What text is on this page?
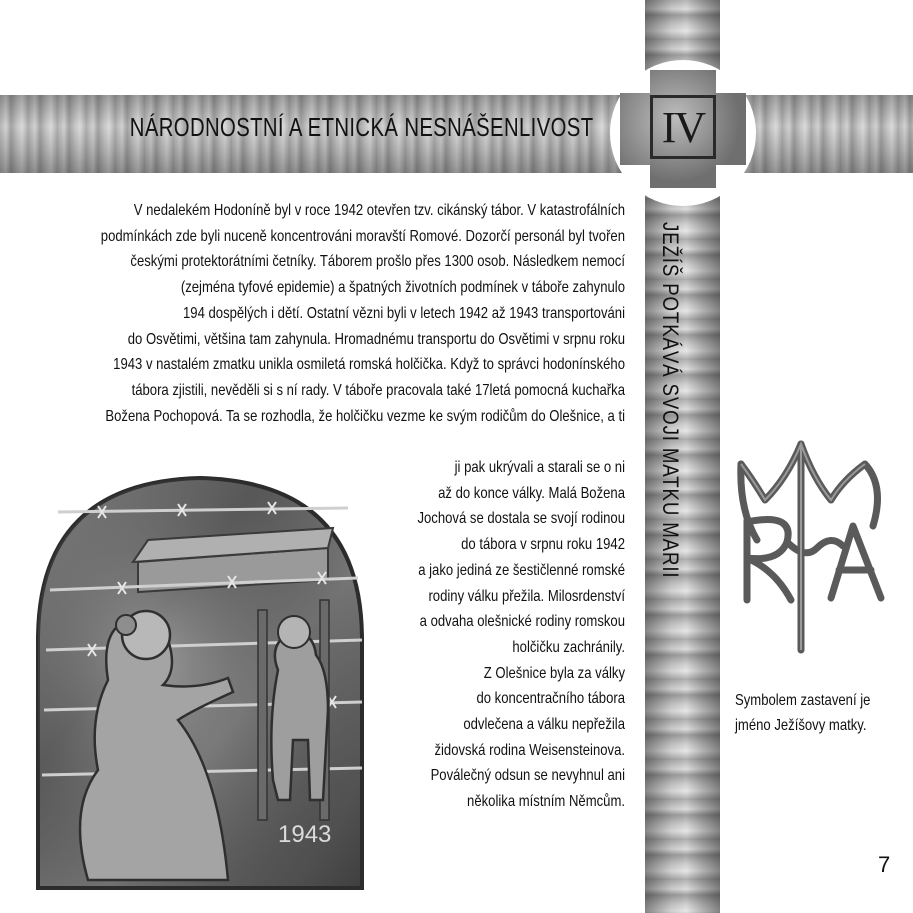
NÁRODNOSTNÍ A ETNICKÁ NESNÁŠENLIVOST IV
JEŽÍŠ POTKÁVÁ SVOJI MATKU MARII
V nedalekém Hodoníně byl v roce 1942 otevřen tzv. cikánský tábor. V katastrofálních
podmínkách zde byli nuceně koncentrováni moravští Romové. Dozorčí personál byl tvořen
českými protektorátními četníky. Táborem prošlo přes 1300 osob. Následkem nemocí
(zejména tyfové epidemie) a špatných životních podmínek v táboře zahynulo
194 dospělých i dětí. Ostatní vězni byli v letech 1942 až 1943 transportováni
do Osvětimi, většina tam zahynula. Hromadnému transportu do Osvětimi v srpnu roku
1943 v nastalém zmatku unikla osmiletá romská holčička. Když to správci hodonínského
tábora zjistili, nevěděli si s ní rady. V táboře pracovala také 17letá pomocná kuchařka
Božena Pochopová. Ta se rozhodla, že holčičku vezme ke svým rodičům do Olešnice, a ti
ji pak ukrývali a starali se o ni
až do konce války. Malá Božena
Jochová se dostala se svojí rodinou
do tábora v srpnu roku 1942
a jako jediná ze šestičlenné romské
rodiny válku přežila. Milosrdenství
a odvaha olešnické rodiny romskou
holčičku zachránily.
Z Olešnice byla za války
do koncentračního tábora
odvlečena a válku nepřežila
židovská rodina Weisensteinova.
Poválečný odsun se nevyhnul ani
několika místním Němcům.
1943
Symbolem zastavení je
jméno Ježíšovy matky.
7
